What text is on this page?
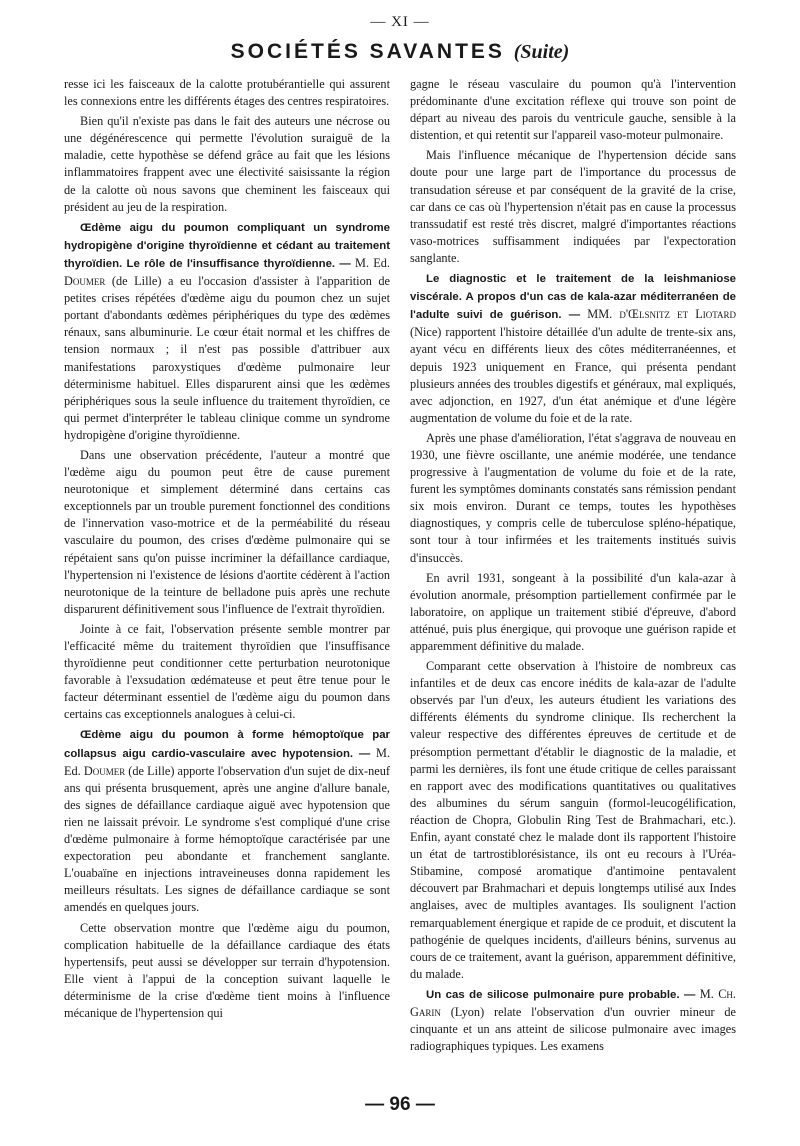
— XI —
SOCIÉTÉS SAVANTES (Suite)

resse ici les faisceaux de la calotte protubérantielle qui assurent les connexions entre les différents étages des centres respiratoires.

Bien qu'il n'existe pas dans le fait des auteurs une nécrose ou une dégénérescence qui permette l'évolution suraiguë de la maladie, cette hypothèse se défend grâce au fait que les lésions inflammatoires frappent avec une électivité saisissante la région de la calotte où nous savons que cheminent les faisceaux qui président au jeu de la respiration.

Œdème aigu du poumon compliquant un syndrome hydropigène d'origine thyroïdienne et cédant au traitement thyroïdien. Le rôle de l'insuffisance thyroïdienne. — M. Ed. Doumer (de Lille) a eu l'occasion d'assister à l'apparition de petites crises répétées d'œdème aigu du poumon chez un sujet portant d'abondants œdèmes périphériques du type des œdèmes rénaux, sans albuminurie. Le cœur était normal et les chiffres de tension normaux ; il n'est pas possible d'attribuer aux manifestations paroxystiques d'œdème pulmonaire leur déterminisme habituel. Elles disparurent ainsi que les œdèmes périphériques sous la seule influence du traitement thyroïdien, ce qui permet d'interpréter le tableau clinique comme un syndrome hydropigène d'origine thyroïdienne.

Dans une observation précédente, l'auteur a montré que l'œdème aigu du poumon peut être de cause purement neurotonique et simplement déterminé dans certains cas exceptionnels par un trouble purement fonctionnel des conditions de l'innervation vaso-motrice et de la perméabilité du réseau vasculaire du poumon, des crises d'œdème pulmonaire qui se répétaient sans qu'on puisse incriminer la défaillance cardiaque, l'hypertension ni l'existence de lésions d'aortite cédèrent à l'action neurotonique de la teinture de belladone puis après une rechute disparurent définitivement sous l'influence de l'extrait thyroïdien.

Jointe à ce fait, l'observation présente semble montrer par l'efficacité même du traitement thyroïdien que l'insuffisance thyroïdienne peut conditionner cette perturbation neurotonique favorable à l'exsudation œdémateuse et peut être tenue pour le facteur déterminant essentiel de l'œdème aigu du poumon dans certains cas exceptionnels analogues à celui-ci.

Œdème aigu du poumon à forme hémoptoïque par collapsus aigu cardio-vasculaire avec hypotension. — M. Ed. Doumer (de Lille) apporte l'observation d'un sujet de dix-neuf ans qui présenta brusquement, après une angine d'allure banale, des signes de défaillance cardiaque aiguë avec hypotension que rien ne laissait prévoir. Le syndrome s'est compliqué d'une crise d'œdème pulmonaire à forme hémoptoïque caractérisée par une expectoration peu abondante et franchement sanglante. L'ouabaïne en injections intraveineuses donna rapidement les meilleurs résultats. Les signes de défaillance cardiaque se sont amendés en quelques jours.

Cette observation montre que l'œdème aigu du poumon, complication habituelle de la défaillance cardiaque des états hypertensifs, peut aussi se développer sur terrain d'hypotension. Elle vient à l'appui de la conception suivant laquelle le déterminisme de la crise d'œdème tient moins à l'influence mécanique de l'hypertension qui

gagne le réseau vasculaire du poumon qu'à l'intervention prédominante d'une excitation réflexe qui trouve son point de départ au niveau des parois du ventricule gauche, sensible à la distention, et qui retentit sur l'appareil vaso-moteur pulmonaire.

Mais l'influence mécanique de l'hypertension décide sans doute pour une large part de l'importance du processus de transudation séreuse et par conséquent de la gravité de la crise, car dans ce cas où l'hypertension n'était pas en cause la processus transsudatif est resté très discret, malgré d'importantes réactions vaso-motrices suffisamment indiquées par l'expectoration sanglante.

Le diagnostic et le traitement de la leishmaniose viscérale. A propos d'un cas de kala-azar méditerranéen de l'adulte suivi de guérison. — MM. d'Œlsnitz et Liotard (Nice) rapportent l'histoire détaillée d'un adulte de trente-six ans, ayant vécu en différents lieux des côtes méditerranéennes, et depuis 1923 uniquement en France, qui présenta pendant plusieurs années des troubles digestifs et généraux, mal expliqués, avec adjonction, en 1927, d'un état anémique et d'une légère augmentation de volume du foie et de la rate.

Après une phase d'amélioration, l'état s'aggrava de nouveau en 1930, une fièvre oscillante, une anémie modérée, une tendance progressive à l'augmentation de volume du foie et de la rate, furent les symptômes dominants constatés sans rémission pendant six mois environ. Durant ce temps, toutes les hypothèses diagnostiques, y compris celle de tuberculose spléno-hépatique, sont tour à tour infirmées et les traitements institués suivis d'insuccès.

En avril 1931, songeant à la possibilité d'un kala-azar à évolution anormale, présomption partiellement confirmée par le laboratoire, on applique un traitement stibié d'épreuve, d'abord atténué, puis plus énergique, qui provoque une guérison rapide et apparemment définitive du malade.

Comparant cette observation à l'histoire de nombreux cas infantiles et de deux cas encore inédits de kala-azar de l'adulte observés par l'un d'eux, les auteurs étudient les variations des différents éléments du syndrome clinique. Ils recherchent la valeur respective des différentes épreuves de certitude et de présomption permettant d'établir le diagnostic de la maladie, et parmi les dernières, ils font une étude critique de celles paraissant en rapport avec des modifications quantitatives ou qualitatives des albumines du sérum sanguin (formol-leucogélification, réaction de Chopra, Globulin Ring Test de Brahmachari, etc.). Enfin, ayant constaté chez le malade dont ils rapportent l'histoire un état de tartrostiblorésistance, ils ont eu recours à l'Uréa-Stibamine, composé aromatique d'antimoine pentavalent découvert par Brahmachari et depuis longtemps utilisé aux Indes anglaises, avec de multiples avantages. Ils soulignent l'action remarquablement énergique et rapide de ce produit, et discutent la pathogénie de quelques incidents, d'ailleurs bénins, survenus au cours de ce traitement, avant la guérison, apparemment définitive, du malade.

Un cas de silicose pulmonaire pure probable. — M. Ch. Garin (Lyon) relate l'observation d'un ouvrier mineur de cinquante et un ans atteint de silicose pulmonaire avec images radiographiques typiques. Les examens

— 96 —
